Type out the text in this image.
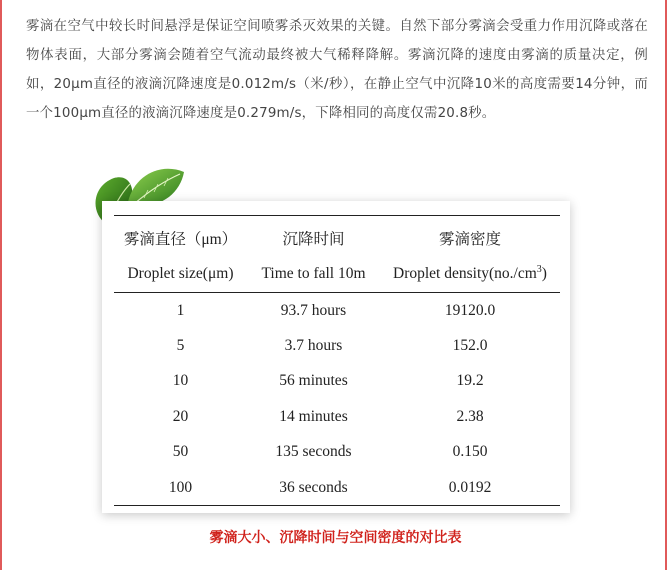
雾滴在空气中较长时间悬浮是保证空间喷雾杀灭效果的关键。自然下部分雾滴会受重力作用沉降或落在物体表面，大部分雾滴会随着空气流动最终被大气稀释降解。雾滴沉降的速度由雾滴的质量决定，例如，20μm直径的液滴沉降速度是0.012m/s（米/秒），在静止空气中沉降10米的高度需要14分钟，而一个100μm直径的液滴沉降速度是0.279m/s，下降相同的高度仅需20.8秒。

雾滴直径（μm）	沉降时间	雾滴密度
Droplet size(μm)	Time to fall 10m	Droplet $density(no./cm^3)$
1	93.7 hours	19120.0
5	3.7 hours	152.0
10	56 minutes	19.2
20	14 minutes	2.38
50	135 seconds	0.150
100	36 seconds	0.0192
雾滴大小、沉降时间与空间密度的对比表
